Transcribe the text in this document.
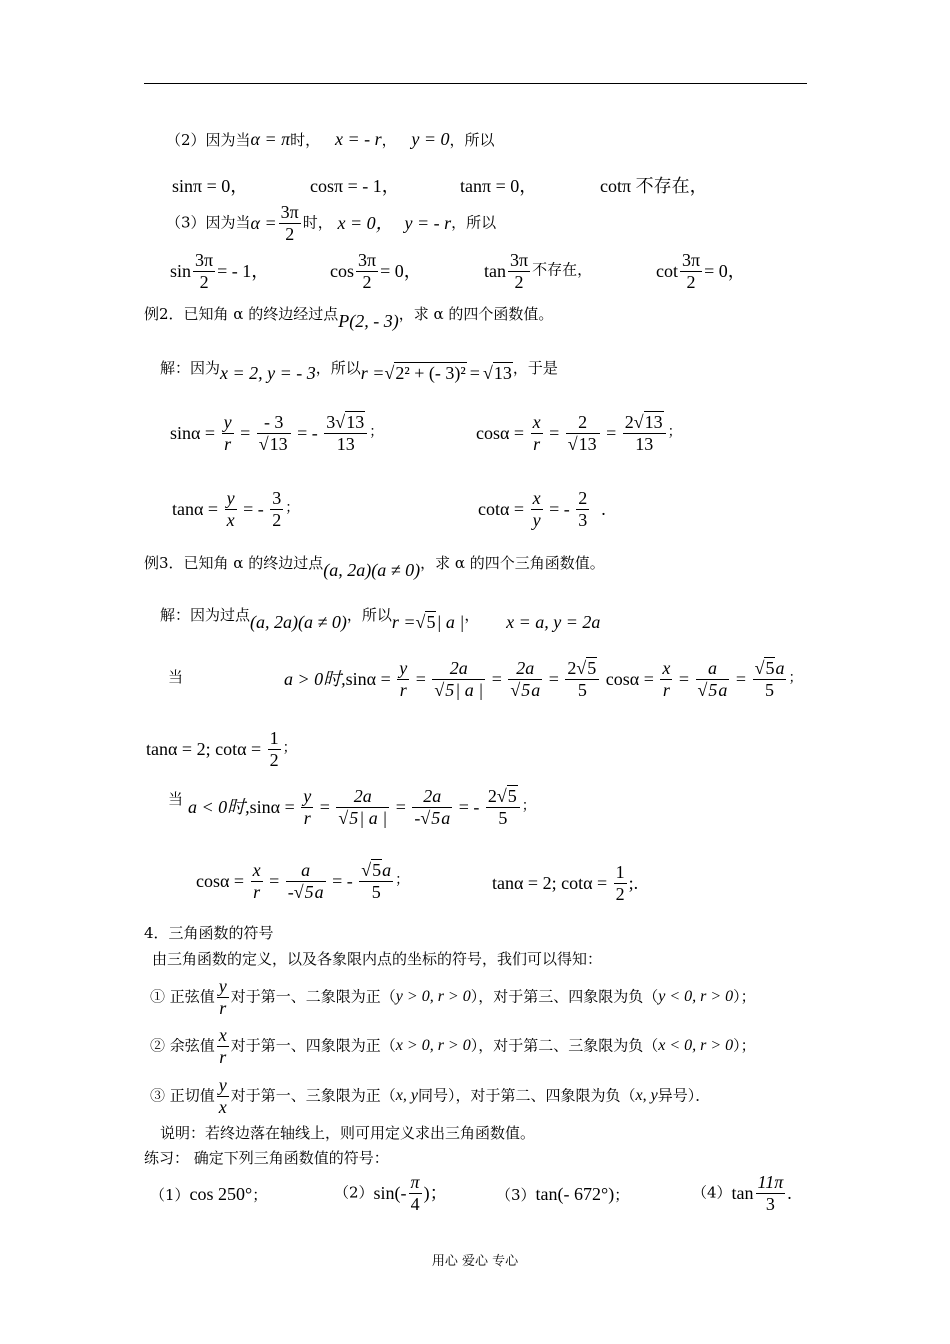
（2）因为当α = π时， x = - r， y = 0，所以
sinπ = 0，	cosπ = - 1，	tanπ = 0，	cotπ 不存在，
（3）因为当$\alpha = \frac{3\pi}{2}$ 时， x = 0， y = - r，所以
$\sin \frac{3\pi}{2}$ = - 1，	$\cos \frac{3\pi}{2} = 0$，	$\tan \frac{3\pi}{2}$ 不存在，	$\cot \frac{3\pi}{2} = 0$，
例2．已知角 α 的终边经过点P(2, - 3)，求 α 的四个函数值。
解：因为x = 2, y = - 3，所以r =√2² + (- 3)² = √13，于是
$\sin\alpha = \frac{y}{r} = \frac{- 3}{√13}$ = - $\frac{3√13}{13}$ ；	$\cos\alpha = \frac{x}{r} = \frac{2}{√13} = \frac{2√13}{13}$ ；
$\tan\alpha = \frac{y}{x}$ = - $\frac{3}{2}$ ；	$\cot\alpha = \frac{x}{y}$ = - $\frac{2}{3}$ .
例3．已知角 α 的终边过点(a, 2a)(a ≠ 0)，求 α 的四个三角函数值。
解：因为过点(a, 2a)(a ≠ 0)，所以r =√5| a |， x = a, y = 2a
当	a > 0时$,\sin\alpha = \frac{y}{r} = \frac{2a}{√5| a |} = \frac{2a}{√5a} = \frac{2√5}{5}$ $\cos\alpha = \frac{x}{r} = \frac{a}{√5a} = \frac{√5a}{5}$ ；
tanα = 2; $\cot\alpha = \frac{1}{2}$ ；
当 a < 0时$,\sin\alpha = \frac{y}{r} = \frac{2a}{√5| a |} = \frac{2a}{-√5a}$ = - $\frac{2√5}{5}$ ；
$\cos\alpha = \frac{x}{r} = \frac{a}{-√5a}$ = - $\frac{√5a}{5}$ ；	tanα = 2; $\cot\alpha = \frac{1}{2}$ ;.
4．三角函数的符号
由三角函数的定义，以及各象限内点的坐标的符号，我们可以得知：
① 正弦值 $\frac{y}{r}$ 对于第一、二象限为正（y > 0, r > 0），对于第三、四象限为负（y < 0, r > 0）；
② 余弦值 $\frac{x}{r}$ 对于第一、四象限为正（x > 0, r > 0），对于第二、三象限为负（x < 0, r > 0）；
③ 正切值 $\frac{y}{x}$ 对于第一、三象限为正（x, y同号），对于第二、四象限为负（x, y异号）．
说明：若终边落在轴线上，则可用定义求出三角函数值。
练习： 确定下列三角函数值的符号：
（1）cos 250°；	$(2)\sin(- \frac{\pi}{4}$ )；	（3）tan(- 672°)；	$(4)\tan \frac{11\pi}{3}$ .
用心 爱心 专心
